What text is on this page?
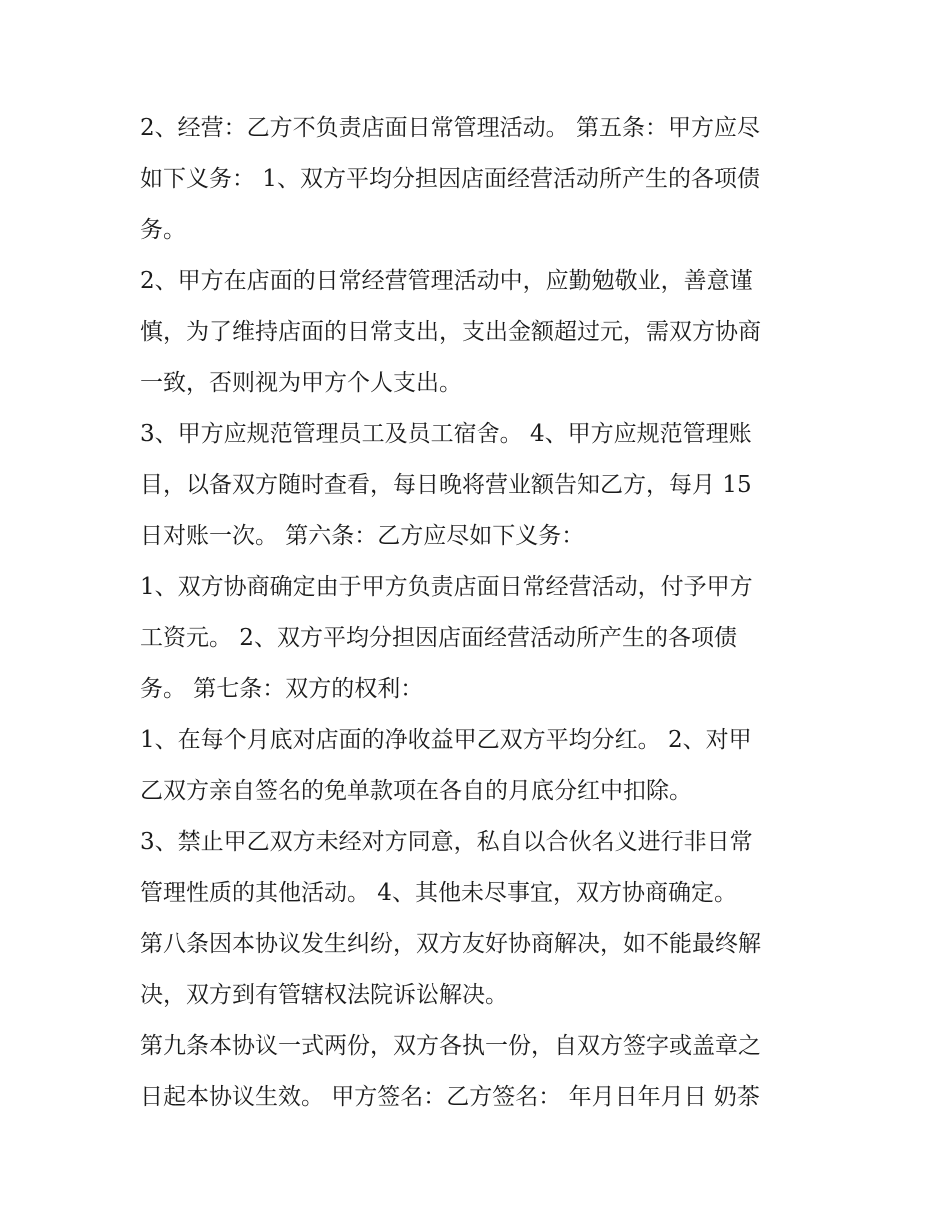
2、经营：乙方不负责店面日常管理活动。 第五条：甲方应尽
如下义务： 1、双方平均分担因店面经营活动所产生的各项债
务。
2、甲方在店面的日常经营管理活动中，应勤勉敬业，善意谨
慎，为了维持店面的日常支出，支出金额超过元，需双方协商
一致，否则视为甲方个人支出。
3、甲方应规范管理员工及员工宿舍。 4、甲方应规范管理账
目，以备双方随时查看，每日晚将营业额告知乙方，每月 15
日对账一次。 第六条：乙方应尽如下义务：
1、双方协商确定由于甲方负责店面日常经营活动，付予甲方
工资元。 2、双方平均分担因店面经营活动所产生的各项债
务。 第七条：双方的权利：
1、在每个月底对店面的净收益甲乙双方平均分红。 2、对甲
乙双方亲自签名的免单款项在各自的月底分红中扣除。
3、禁止甲乙双方未经对方同意，私自以合伙名义进行非日常
管理性质的其他活动。 4、其他未尽事宜，双方协商确定。
第八条因本协议发生纠纷，双方友好协商解决，如不能最终解
决，双方到有管辖权法院诉讼解决。
第九条本协议一式两份，双方各执一份，自双方签字或盖章之
日起本协议生效。 甲方签名：乙方签名： 年月日年月日 奶茶
